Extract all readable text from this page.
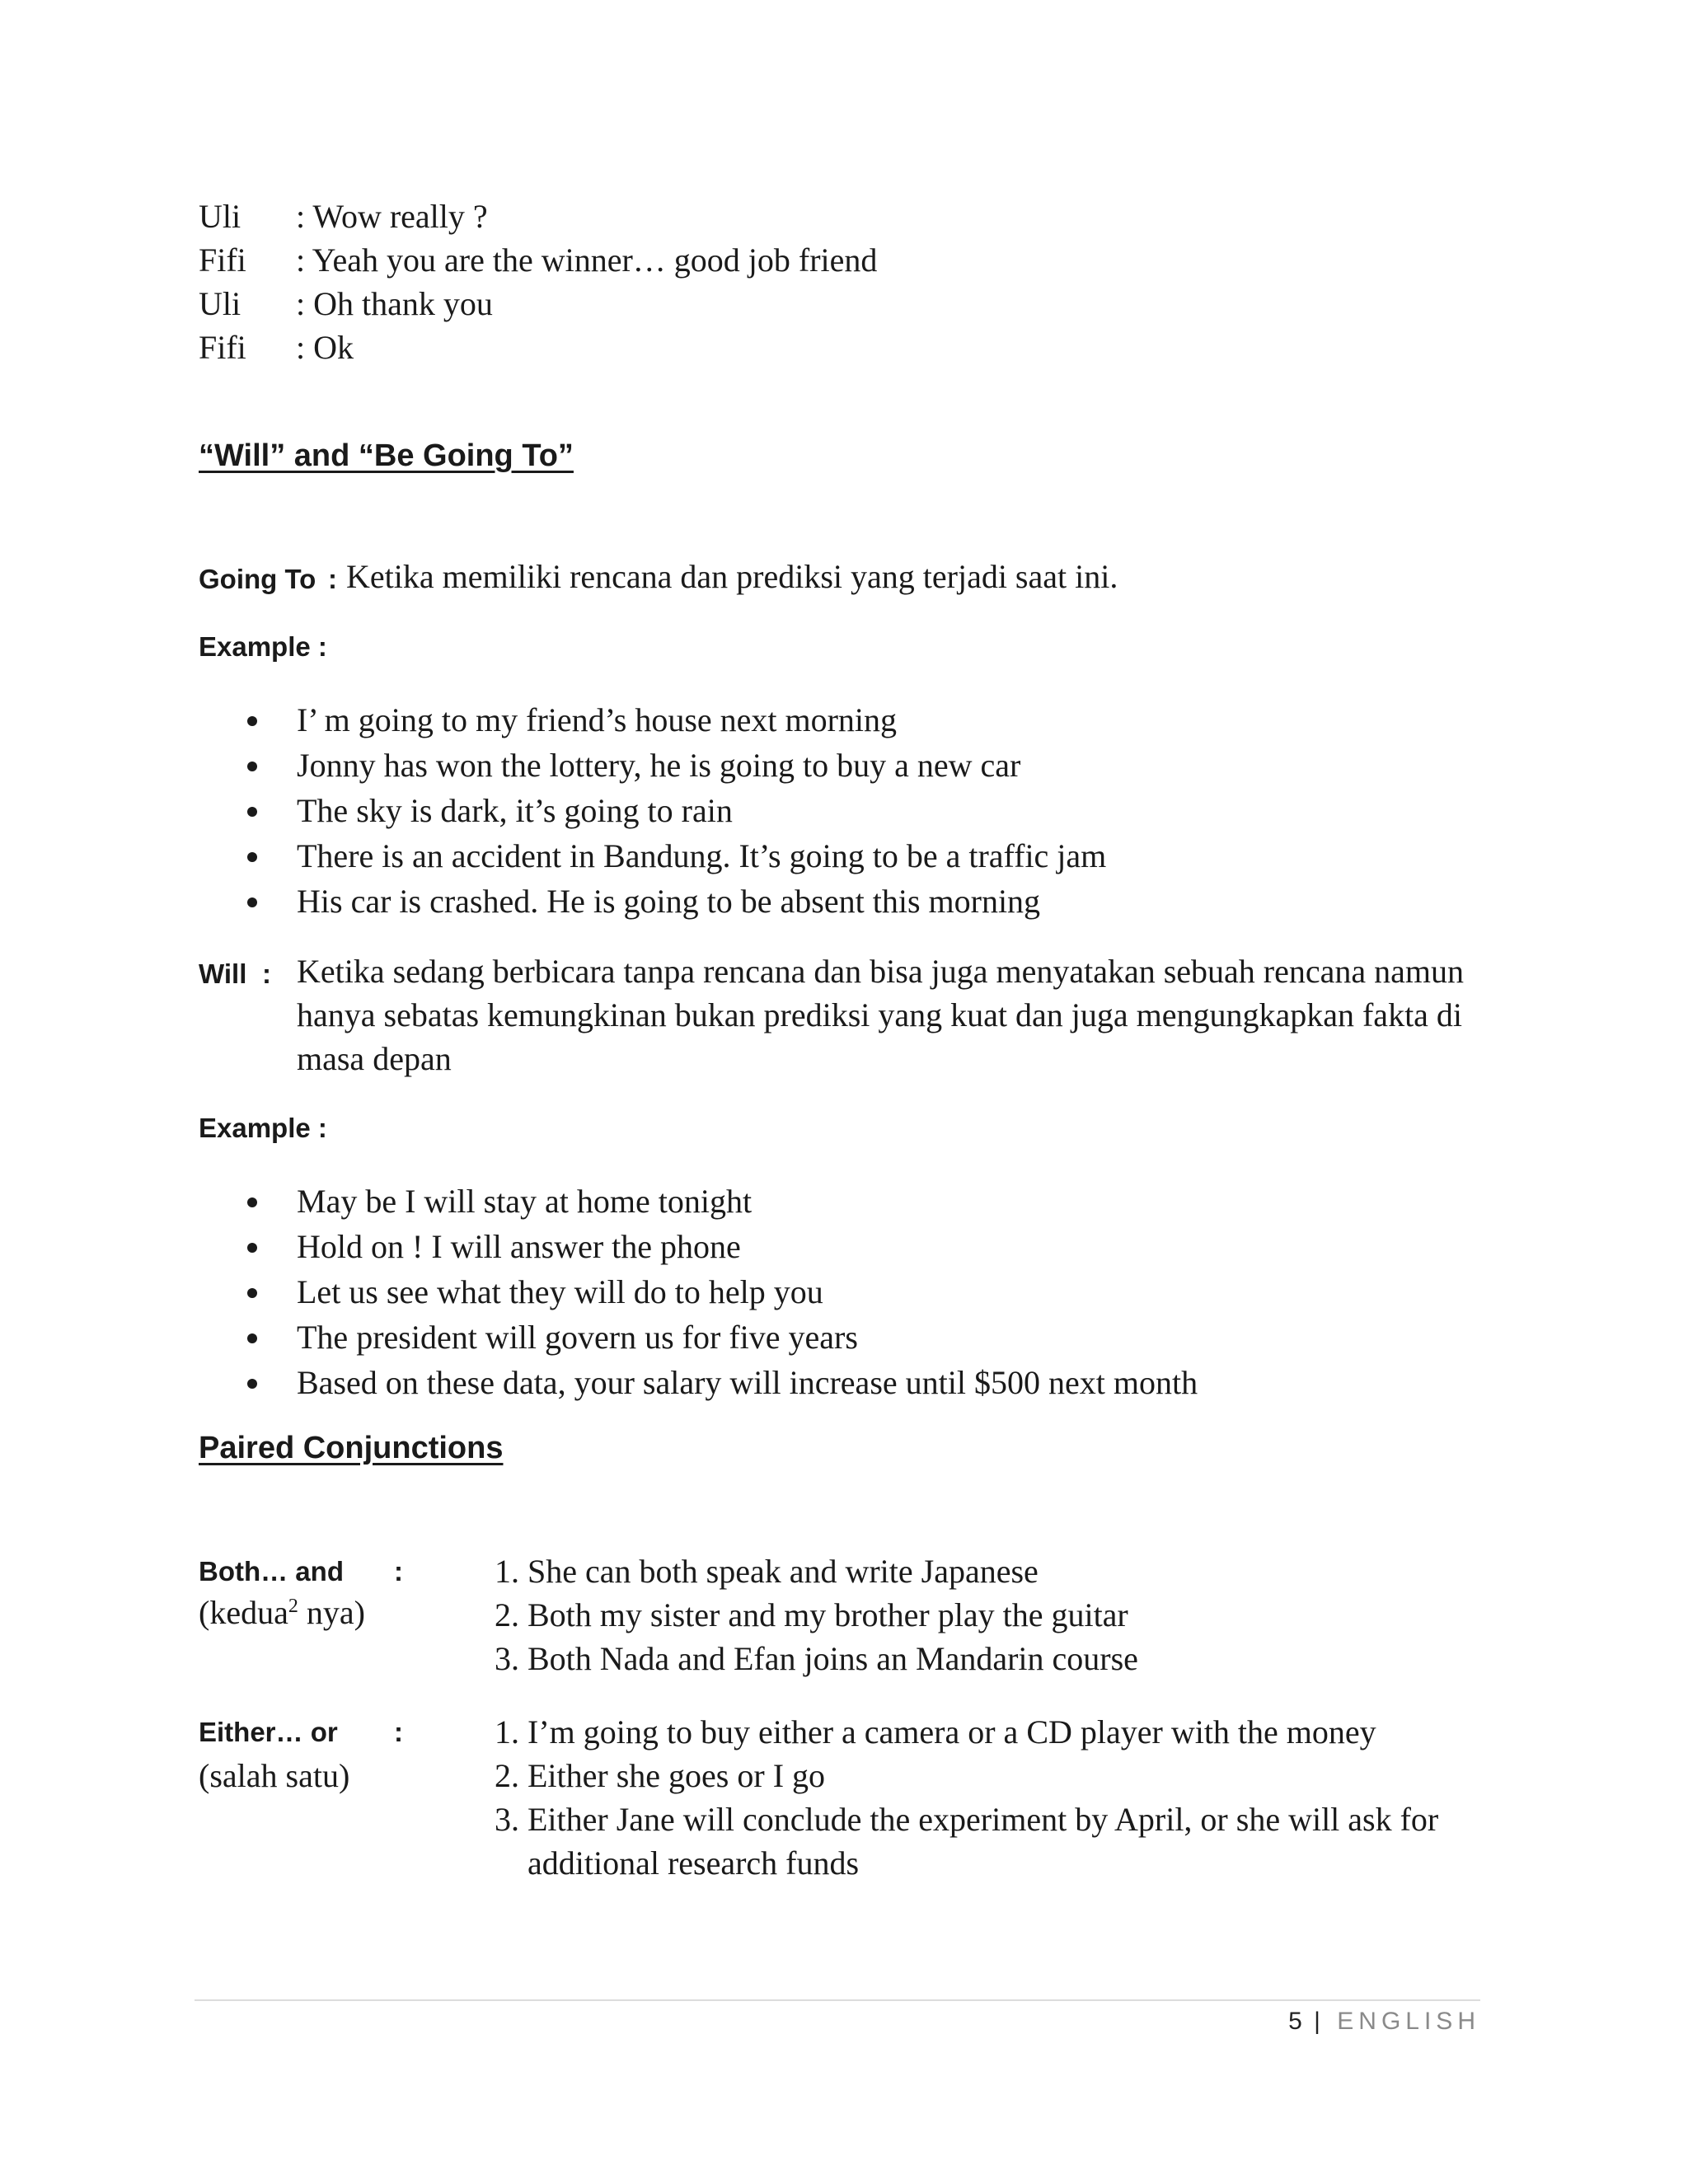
Uli : Wow really ?
Fifi : Yeah you are the winner… good job friend
Uli : Oh thank you
Fifi : Ok
“Will” and “Be Going To”
Going To : Ketika memiliki rencana dan prediksi yang terjadi saat ini.
Example :
I’ m going to my friend’s house next morning
Jonny has won the lottery, he is going to buy a new car
The sky is dark, it’s going to rain
There is an accident in Bandung. It’s going to be a traffic jam
His car is crashed. He is going to be absent this morning
Will : Ketika sedang berbicara tanpa rencana dan bisa juga menyatakan sebuah rencana namun
hanya sebatas kemungkinan bukan prediksi yang kuat dan juga mengungkapkan fakta di
masa depan
Example :
May be I will stay at home tonight
Hold on ! I will answer the phone
Let us see what they will do to help you
The president will govern us for five years
Based on these data, your salary will increase until $500 next month
Paired Conjunctions
Both… and :
(kedua$^2$ nya)
1. She can both speak and write Japanese
2. Both my sister and my brother play the guitar
3. Both Nada and Efan joins an Mandarin course
Either… or :
(salah satu)
1. I’m going to buy either a camera or a CD player with the money
2. Either she goes or I go
3. Either Jane will conclude the experiment by April, or she will ask for
additional research funds
5 | ENGLISH
